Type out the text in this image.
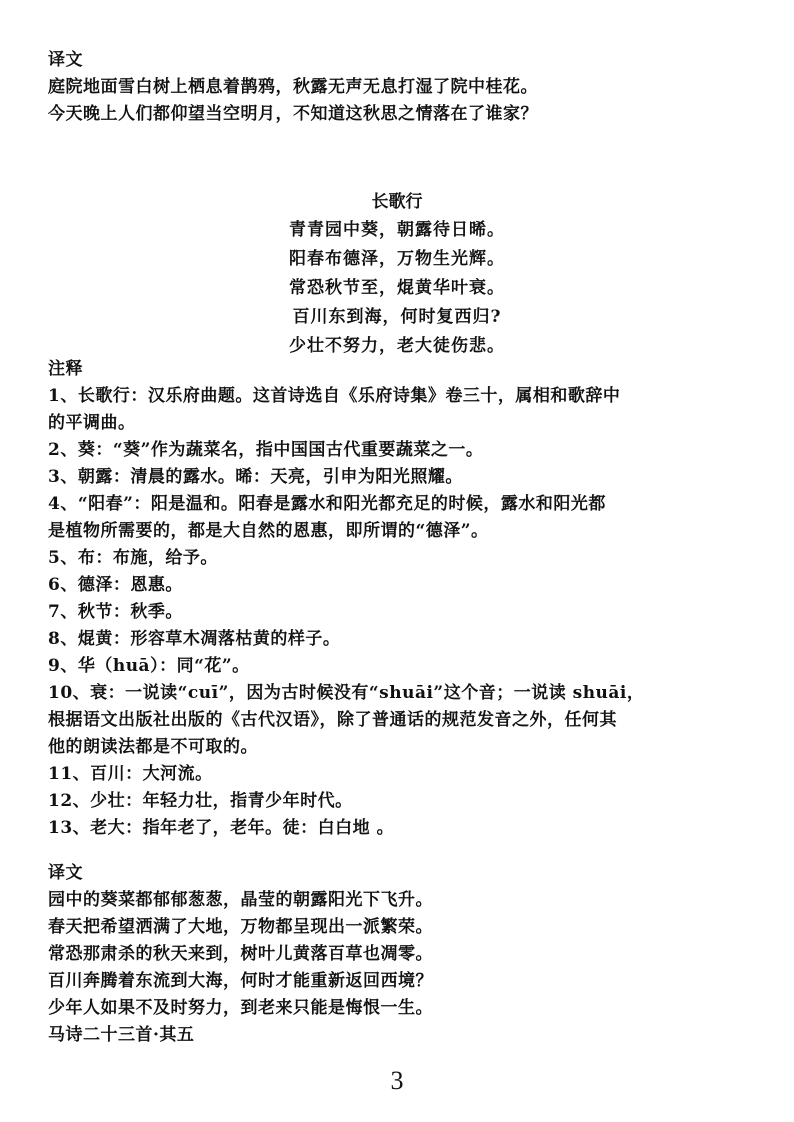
译文
庭院地面雪白树上栖息着鹊鸦，秋露无声无息打湿了院中桂花。
今天晚上人们都仰望当空明月，不知道这秋思之情落在了谁家？
长歌行
青青园中葵，朝露待日晞。
阳春布德泽，万物生光辉。
常恐秋节至，焜黄华叶衰。
百川东到海，何时复西归?
少壮不努力，老大徒伤悲。
注释
1、长歌行：汉乐府曲题。这首诗选自《乐府诗集》卷三十，属相和歌辞中
的平调曲。
2、葵：“葵”作为蔬菜名，指中国国古代重要蔬菜之一。
3、朝露：清晨的露水。晞：天亮，引申为阳光照耀。
4、“阳春”：阳是温和。阳春是露水和阳光都充足的时候，露水和阳光都
是植物所需要的，都是大自然的恩惠，即所谓的“德泽”。
5、布：布施，给予。
6、德泽：恩惠。
7、秋节：秋季。
8、焜黄：形容草木凋落枯黄的样子。
9、华（huā）：同“花”。
10、衰：一说读“cuī”，因为古时候没有“shuāi”这个音；一说读 shuāi，
根据语文出版社出版的《古代汉语》，除了普通话的规范发音之外，任何其
他的朗读法都是不可取的。
11、百川：大河流。
12、少壮：年轻力壮，指青少年时代。
13、老大：指年老了，老年。徒：白白地 。
译文
园中的葵菜都郁郁葱葱，晶莹的朝露阳光下飞升。
春天把希望洒满了大地，万物都呈现出一派繁荣。
常恐那肃杀的秋天来到，树叶儿黄落百草也凋零。
百川奔腾着东流到大海，何时才能重新返回西境？
少年人如果不及时努力，到老来只能是悔恨一生。
马诗二十三首·其五
3
